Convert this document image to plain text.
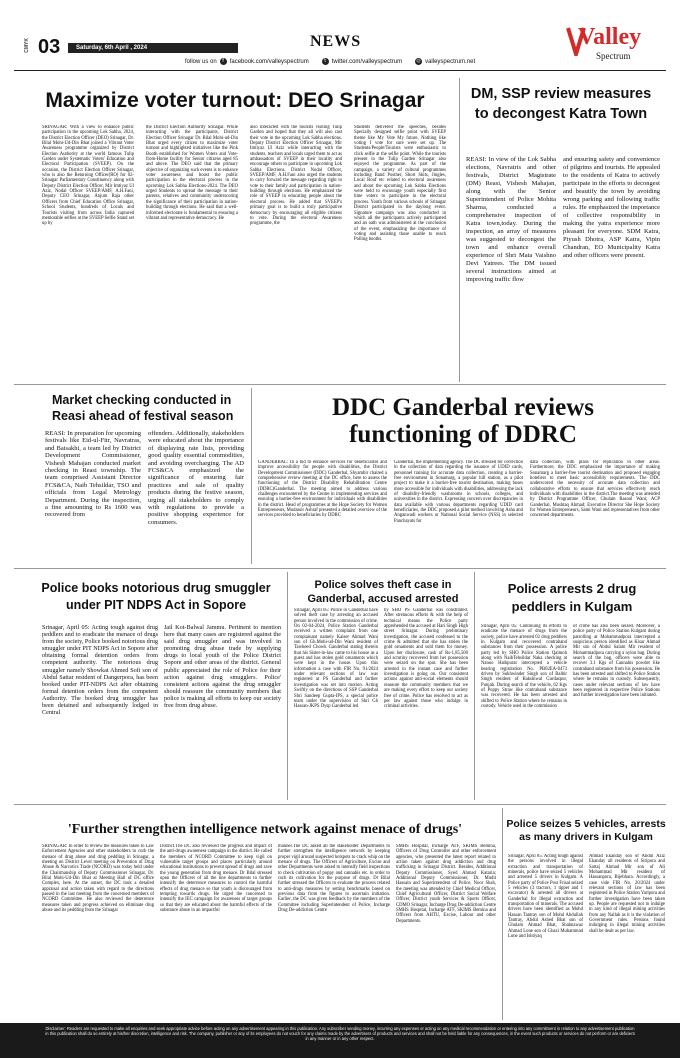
CMYK 03	Saturday, 6th April , 2024	NEWS
follow us on	f facebook.com/valleyspectrum	t twitter.com/valleyspectrum	◎ valleyspectrum.net
Valley
Spectrum
Maximize voter turnout: DEO Srinagar
SRINAGAR: With a view to enhance public participation in the upcoming Lok Sabha, 2024, the District Election Officer (DEO) Srinagar, Dr. Bilal Mohi-Ud-Din Bhat joined a Vibrant Voter Awareness programme organized by District Election Authority at the world famous Tulip Garden under Systematic Voters' Education and Electoral Participation (SVEEP). On the occasion, the District Election Officer Srinagar, who is also the Returning Officer(RO) for 02-Srinagar Parliamentary Constituency along with Deputy District Election Officer, Mir Imtiyaz Ul Aziz, Nodal Officer SVEEP/AMF, A.H.Fani, Deputy CEO Srinagar, Anjum Raja other Officers from Chief Education Office Srinagar, School Students, hundreds of Locals and Tourists visiting from across India captured memorable selfies at the SVEEP Selfie Stand set up by
the District Election Authority Srinagar. While interacting with the participants, District Election Officer Srinagar Dr. Bilal Mohi-ud-Din Bhat urged every citizen to maximize voter turnout and highlighted initiatives like the Pink Booth established for Women Voters and Vote-from-Home facility for Senior citizens aged 85 and above. The DEO said that the primary objective of organizing such events is to enhance voter awareness and boost the public participation in the electoral process in the upcoming Lok Sabha Elections-2024. The DEO urged Students to spread the message to their parents, relatives and community underscoring the significance of their participation in nation-building through elections. He said that a well-informed electorate is fundamental to ensuring a vibrant and representative democracy. He
also interacted with the tourists visiting Tulip Garden and hoped that they all will also cast their vote in the upcoming Lok Sabha elections. Deputy District Election Officer Srinagar, Mir Imtiyaz Ul Aziz while interacting with the students, teachers and locals urged them to act as ambassadors of SVEEP in their locality and encourage others to participate in upcoming Lok Sabha Elections. District Nodal Officer, SVEEP/AMF, A.H.Fani also urged the students to carry forward the message regarding right to vote to their family and participation in nation-building through elections. He emphasized the role of SVEEP in educating people about the electoral process. He added that SVEEP's primary goal is to build a truly participative democracy by encouraging all eligible citizens to vote. During the electoral Awareness programme, the
Students delivered the speeches, besides Specially designed selfie point with SVEEP theme like My Vote My future, Nothing like voting I vote for sure were set up. The Students/People/Tourists were enthusiastic to click selfie at the selfie point. While the tourists present in the Tulip Garden Srinagar also enjoyed the programme. As part of the campaign, a variety of cultural programmes including Band Posther, Short Skits, Jingles, Local Rouf etc related to electoral awareness and about the upcoming Lok Sabha Elections were held to encourage youth especially first time voters to participate in the electoral process. Youth from various schools of Srinagar District participated in the daylong event. Signature campaign was also conducted in which all the participants actively participated and an oath was administered at the conclusion of the event, emphasizing the importance of voting and assisting those unable to reach Polling booths.
DM, SSP review measures to decongest Katra Town
REASI: In view of the Lok Sabha elections, Navratris and other festivals, District Magistrate (DM) Reasi, Vishesh Mahajan, along with the Senior Superintendent of Police Mohita Sharma, conducted a comprehensive inspection of Katra town,today. During the inspection, an array of measures was suggested to decongest the town and enhance overall experience of Shri Mata Vaishno Devi Yatrees. The DM issued several instructions aimed at improving traffic flow
and ensuring safety and convenience of pilgrims and tourists. He appealed to the residents of Katra to actively participate in the efforts to decongest and beautify the town by avoiding wrong parking and following traffic rules. He emphasized the importance of collective responsibility in making the yatra experience more pleasant for everyone. SDM Katra, Piyush Dhotra, ASP Katra, Vipin Chandran, EO Municipality Katra and other officers were present.
Market checking conducted in Reasi ahead of festival season
REASI: In preparation for upcoming festivals like Eid-ul-Fitr, Navratras, and Baisakhi, a team led by District Development Commissioner, Vishesh Mahajan conducted market checking in Reasi township. The team comprised Assistant Director FCS&CA, Naib Tehsildar, TSO and officials from Legal Metrology Department. During the inspection, a fine amounting to Rs 1600 was recovered from
offenders. Additionally, stakeholders were educated about the importance of displaying rate lists, providing good quality essential commodities, and avoiding overcharging. The AD FCS&CA emphasized the significance of ensuring fair practices and sale of quality products during the festive season, urging all stakeholders to comply with regulations to provide a positive shopping experience for consumers.
DDC Ganderbal reviews functioning of DDRC
GANDERBAL: In a bid to enhance services for beneficiaries and improve accessibility for people with disabilities, the District Development Commissioner (DDC) Ganderbal, Shyambir chaired a comprehensive review meeting at the DC office, here to assess the functioning of the District Disability Rehabilitation Centre (DDRC)Ganderbal. The meeting aimed to address various challenges encountered by the Centre in implementing services and ensuring a barrier-free environment for individuals with disabilities in the district. Head of programmes at the Hope Society for Women Entrepreneurs, Mudassir Ashraf presented a detailed overview of the services provided to beneficiaries by DDRC
Ganderbal, the implementing agency. The DC stressed for correction in the collection of data regarding the issuance of UDID cards, personnel training for accurate data collection, creating a barrier-free environment in Sonamarg, a popular hill station, as a pilot project to make it a barrier-free tourist destination, making buses more accessible for individuals with disabilities, addressing the lack of disability-friendly washrooms in schools, colleges, and universities in the district. Expressing concern over discrepancies in data available with various departments regarding UDID card beneficiaries, the DDC proposed a pilot method involving Asha and Anganwadi workers or National Social Service (NSS) in selected Panchayats for
data collection, with plans for replication in other areas. Furthermore, the DDC emphasized the importance of making Sonamarg a barrier-free tourist destination and proposed engaging hoteliers to meet basic accessibility requirements. The DDC underscored the necessity of accurate data collection and collaborative efforts to ensure that services effectively reach individuals with disabilities in the district.The meeting was attended by District Programme Officer, Ghulam Rasool Wani; ACP Ganderbal, Mushtaq Ahmad; Executive Director She Hope Society for Women Entrepreneurs, Sami Wani and representatives from other concerned departments.
Police books notorious drug smuggler under PIT NDPS Act in Sopore
Srinagar, April 05: Acting tough against drug peddlers and to eradicate the menace of drugs from the society, Police booked notorious drug smuggler under PIT NDPS Act in Sopore after obtaining formal detention orders from competent authority. The notorious drug smuggler namely Showkat Ahmed Sofi son of Abdul Sattar resident of Dangerpora, has been booked under PIT-NDPS Act after obtaining formal detention orders from the competent Authority. The booked drug smuggler has been detained and subsequently lodged in Central
Jail Kot-Balwal Jammu. Pertinent to mention here that many cases are registered against the said drug smuggler and was involved in promoting drug abuse trade by supplying drugs to local youth of the Police District Sopore and other areas of the district. General public appreciated the role of Police for their action against drug smugglers. Police' consistent actions against the drug smuggler should reassure the community members that police is making all efforts to keep our society free from drug abuse.
Police solves theft case in Ganderbal, accused arrested
Srinagar, April 05: Police in Ganderbal have solved theft case by arresting an accused person involved in the commission of crime. On 02-04-2024, Police Station Ganderbal received a written complaint from one complainant namely Kaiser Ahmad Wani son of Gh.Mohi-ud-Din Wani resident of Tawheed Chowk Ganderbal stating therein that his Sister-in-law came to his house as a guest and has stolen gold ornaments which were kept in the house. Upon this information a case with FIR No. 91/2024 under relevant sections of law was registered at PS Ganderbal and further investigation was set into motion. Acting Swiftly on the directions of SSP Ganderbal Shri Sandeep Gupta-IPS, a special police team under the supervision of Shri Gh Hassan-JKPS Dysp Ganderbal led
by SHO PS Ganderbal was constituted. After strenuous efforts & with the help of technical means the Police party apprehended the accused at Hari Singh High street Srinagar. During preliminary investigation, the accused confessed to the crime & admitted that she has stolen the gold ornaments and sold them for money. Upon her disclosure, cash of Rs-1,85,500 and scrutiny recovered from her possession were seized on the spot. She has been arrested in the instant case and further investigation is going on. Our consistent actions against anti-social elements should reassure the community members that we are making every effort to keep our society free of crime. Police has resolved to act as per law against those who indulge in criminal activities.
Police arrests 2 drug peddlers in Kulgam
Srinagar, April 05: Continuing its efforts to eradicate the menace of drugs from the society, police have arrested 02 drug peddlers in Kulgam and recovered contraband substances from their possession. A police party led by SHO Police Station Qaimoh along with NaibTehsildar Naka checking at Nanoo Hathpurat intercepted a vehicle bearing registration No. PB02EA-0473 driven by Sukhwinder Singh son of Balbir Singh resident of Bakshiwal Gurdaspur, Punjab. During search of the vehicle, 62 Kgs of Poppy Straw like contraband substance was recovered. He has been arrested and shifted to Police Station where he remains in custody. Vehicle used in the commission
of crime has also been seized. Moreover, a police party of Police Station Kulgam during patrolling at Mohammadpora intercepted a suspicious person identified as Kisar Ahmad Mir son of Abdul Salam Mir resident of Mohammadpora carrying a nylon bag. During search of the bag, officers were able to recover 3.1 Kgs of Cannabis powder like contraband substance from his possession. He has been arrested and shifted to Police Station where he remains in custody. Subsequently, cases under relevant sections of law have been registered in respective Police Stations and further investigation have been initiated.
'Further strengthen intelligence network against menace of drugs'
SRINAGAR: In order to review the measures taken to Law Enforcement Agencies and other stakeholders to curb the menace of drug abuse and drug peddling in Srinagar, a meeting on District Level meeting on Prevention of Drug Abuse & Narcotics Trade (NCORD) was today held under the Chairmanship of Deputy Commissioner Srinagar, Dr. Bilal Mohi-Ud-Din Bhat at Meeting Hall of DC office Complex, here. At the outset, the DC took a detailed appraisal and action taken with regard to the directions passed in the last meeting from the concerned members of NCORD Committee. He also reviewed the deterrence measures taken and progress achieved on eliminate drug abuse and its peddling from the Srinagar
District.The DC also reviewed the progress and impact of the anti-drugs awareness campaign in the district. He called the members of NCORD Committee to keep vigil on vulnerable target groups and places particularly around educational institutions to prevent spread of drugs and save the young generation from drug menace. Dr Bilal stressed upon the Officers of all the line departments to further intensify the deterrence measures to control the harmful effects of drug menace so that youth is discouraged from tempting towards drugs. He urged the concerned to intensify the IEC campaign for awareness of target groups so that they are educated about the harmful effects of the substance abuse in an impactful
manner.The DC asked all the stakeholder Departments to further strengthen the intelligence network by keeping proper vigil around suspected hotspots to crack whip on the menace of drugs. The Officers of Agriculture, Excise and other Departments were asked to intensify field inspections to check cultivation of poppy and cannabis etc. in order to curb its cultivation for the purpose of drugs. Dr Bilal further stressed the Officers to evaluate the process related to anti-drugs measures by setting benchmarks based on previous data from the figures to ascertain initiation. Earlier, the DC was given feedback by the members of the Committee including Superintendent of Police, Incharge Drug De-addiction Centre
SMHS Hospital, Incharge ATF, SKIMS Bemina, Officers of Drug Controller and other enforcement agencies, who presented the latest report related to action taken against drug addiction and drug trafficking in Srinagar District. Besides, Additional Deputy Commissioner, Syed Ahmad Kataria; Additional Deputy Commissioner, Dr. Mudit Hassain and Superintendent of Police, Noor Shah, the meeting was attended by Chief Medical Officer, Chief Agricultural Officer, District Social Welfare Officer, District youth Services & Sports Officer, CDMO Srinagar, Incharge Drug De-addiction Centre SMHS Hospital, Incharge ATF, SKIMS Bemina and Officers from AHTU, Excise, Labour and other Departments.
Police seizes 5 vehicles, arrests as many drivers in Kulgam
Srinagar, April 05: Acting tough against the persons involved in illegal extraction and transportation of minerals, police have seized 5 vehicles and arrested 5 drivers in Kulgam. A Police party of Police Post Frisal seized 5 vehicles (3 tractors, 1 tipper and 1 excavator) & arrested all drivers at Ganderbal for illegal extraction and transportation of minerals. The accused drivers have been identified as Mohd Hassan Tantray son of Mohd Abdullah Tantray, Abdul Ashed Bhat son of Ghulam Ahmad Bhat, Shabnawaz Ahmad Lone son of Ghazi Muhammad Lone and Ishtiyaq
Ahmad Ekanday son of Abdul Aziz Ekanday all residents of Siripora and Sartaj Ahmad Mir son of Ali Mohammad Mir resident of Hassanpora, Bijebhara. Accordingly, a case vide FIR No. 20/2024 under relevant sections of law has been registered in Police Station Yaripora and further investigation have been taken up. People are requested not to indulge in any kind of illegal mining activities from any Nallah as it is the violation of Government rules. Persons found indulging in illegal mining activities shall be dealt as per law.
Disclaimer: Readers are requested to make all enquiries and seek appropriate advice before acting on any advertisement appearing in this publication. Any subscriber sending money, incurring any expenses or acting on any medical recommendation or entering into any commitment in relation to any advertisement publication in this publication shall do so entirely at his/her discretion, intelligence and risk. The company, publisher or any of its employees do not vouch for any claims made by the advertisers of products and services and shall not be held liable for any consequences, in the event such products or services do not perform or are deficient in any manner or in any other respect.
